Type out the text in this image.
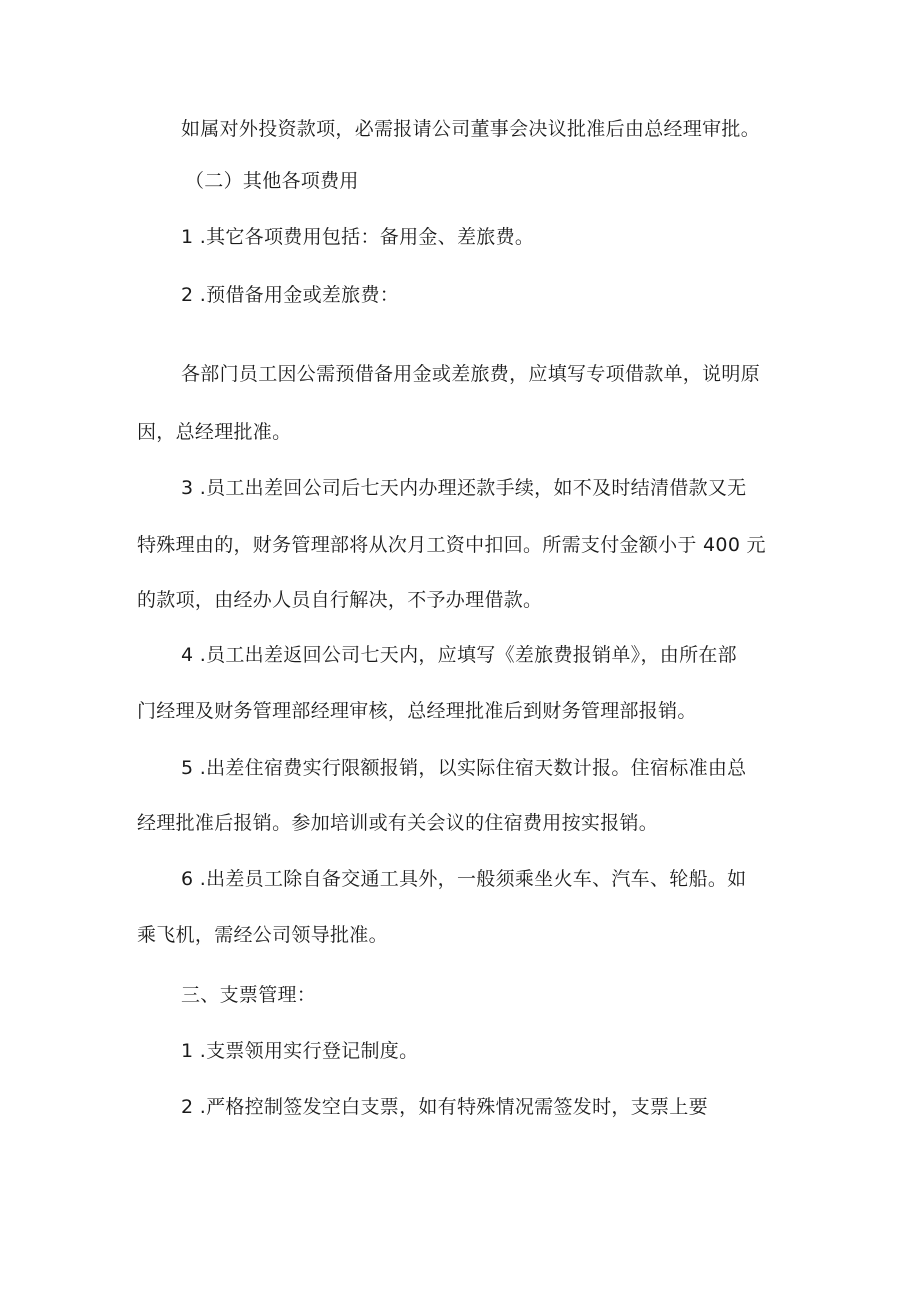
如属对外投资款项，必需报请公司董事会决议批准后由总经理审批。
（二）其他各项费用
1 .其它各项费用包括：备用金、差旅费。
2 .预借备用金或差旅费：
各部门员工因公需预借备用金或差旅费，应填写专项借款单，说明原
因，总经理批准。
3 .员工出差回公司后七天内办理还款手续，如不及时结清借款又无
特殊理由的，财务管理部将从次月工资中扣回。所需支付金额小于 400 元
的款项，由经办人员自行解决，不予办理借款。
4 .员工出差返回公司七天内，应填写《差旅费报销单》，由所在部
门经理及财务管理部经理审核，总经理批准后到财务管理部报销。
5 .出差住宿费实行限额报销，以实际住宿天数计报。住宿标准由总
经理批准后报销。参加培训或有关会议的住宿费用按实报销。
6 .出差员工除自备交通工具外，一般须乘坐火车、汽车、轮船。如
乘飞机，需经公司领导批准。
三、支票管理：
1 .支票领用实行登记制度。
2 .严格控制签发空白支票，如有特殊情况需签发时，支票上要
